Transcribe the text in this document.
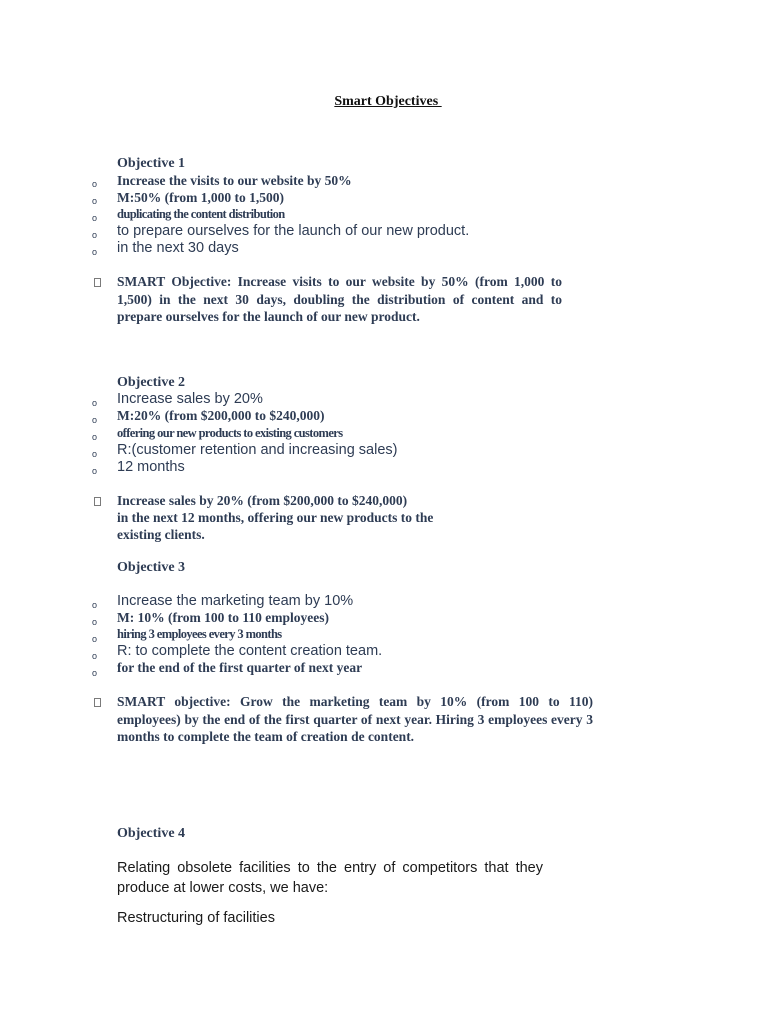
Smart Objectives
Objective 1
o Increase the visits to our website by 50%
o M:50% (from 1,000 to 1,500)
o duplicating the content distribution
o to prepare ourselves for the launch of our new product.
o in the next 30 days
SMART Objective: Increase visits to our website by 50% (from 1,000 to 1,500) in the next 30 days, doubling the distribution of content and to prepare ourselves for the launch of our new product.
Objective 2
o Increase sales by 20%
o M:20% (from $200,000 to $240,000)
o offering our new products to existing customers
o R:(customer retention and increasing sales)
o 12 months
Increase sales by 20% (from $200,000 to $240,000)
in the next 12 months, offering our new products to the
existing clients.
Objective 3
o Increase the marketing team by 10%
o M: 10% (from 100 to 110 employees)
o hiring 3 employees every 3 months
o R: to complete the content creation team.
o for the end of the first quarter of next year
SMART objective: Grow the marketing team by 10% (from 100 to 110) employees) by the end of the first quarter of next year. Hiring 3 employees every 3 months to complete the team of creation de content.
Objective 4
Relating obsolete facilities to the entry of competitors that they produce at lower costs, we have:
Restructuring of facilities
